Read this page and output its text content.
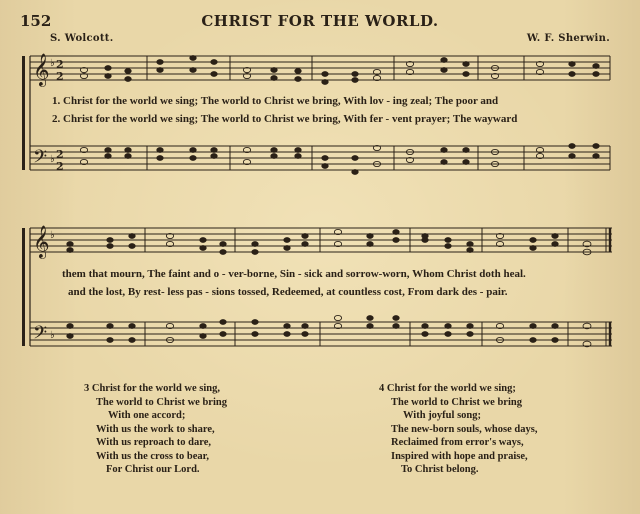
152	CHRIST FOR THE WORLD.
S. Wolcott.	W. F. Sherwin.
𝄞
𝄢
𝄞
𝄢
♭
♭
♭
♭
2
2
2
2
1. Christ for the world we sing; The world to Christ we bring, With lov - ing zeal; The poor and
2. Christ for the world we sing; The world to Christ we bring, With fer - vent prayer; The wayward
them that mourn, The faint and o - ver-borne, Sin - sick and sorrow-worn, Whom Christ doth heal.
and the lost, By rest- less pas - sions tossed, Redeemed, at countless cost, From dark des - pair.
3 Christ for the world we sing,
The world to Christ we bring
With one accord;
With us the work to share,
With us reproach to dare,
With us the cross to bear,
For Christ our Lord.
4 Christ for the world we sing;
The world to Christ we bring
With joyful song;
The new-born souls, whose days,
Reclaimed from error's ways,
Inspired with hope and praise,
To Christ belong.
